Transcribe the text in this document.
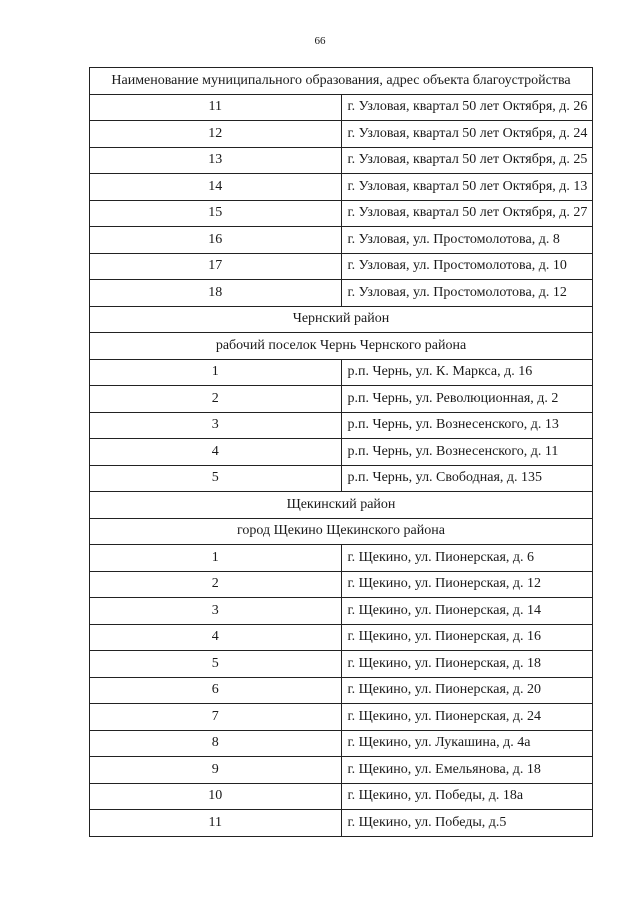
66
Наименование муниципального образования, адрес объекта благоустройства	
11	г. Узловая, квартал 50 лет Октября, д. 26
12	г. Узловая, квартал 50 лет Октября, д. 24
13	г. Узловая, квартал 50 лет Октября, д. 25
14	г. Узловая, квартал 50 лет Октября, д. 13
15	г. Узловая, квартал 50 лет Октября, д. 27
16	г. Узловая, ул. Простомолотова, д. 8
17	г. Узловая, ул. Простомолотова, д. 10
18	г. Узловая, ул. Простомолотова, д. 12
Чернский район	
рабочий поселок Чернь Чернского района	
1	р.п. Чернь, ул. К. Маркса, д. 16
2	р.п. Чернь, ул. Революционная, д. 2
3	р.п. Чернь, ул. Вознесенского, д. 13
4	р.п. Чернь, ул. Вознесенского, д. 11
5	р.п. Чернь, ул. Свободная, д. 135
Щекинский район	
город Щекино Щекинского района	
1	г. Щекино, ул. Пионерская, д. 6
2	г. Щекино, ул. Пионерская, д. 12
3	г. Щекино, ул. Пионерская, д. 14
4	г. Щекино, ул. Пионерская, д. 16
5	г. Щекино, ул. Пионерская, д. 18
6	г. Щекино, ул. Пионерская, д. 20
7	г. Щекино, ул. Пионерская, д. 24
8	г. Щекино, ул. Лукашина, д. 4а
9	г. Щекино, ул. Емельянова, д. 18
10	г. Щекино, ул. Победы, д. 18а
11	г. Щекино, ул. Победы, д.5
